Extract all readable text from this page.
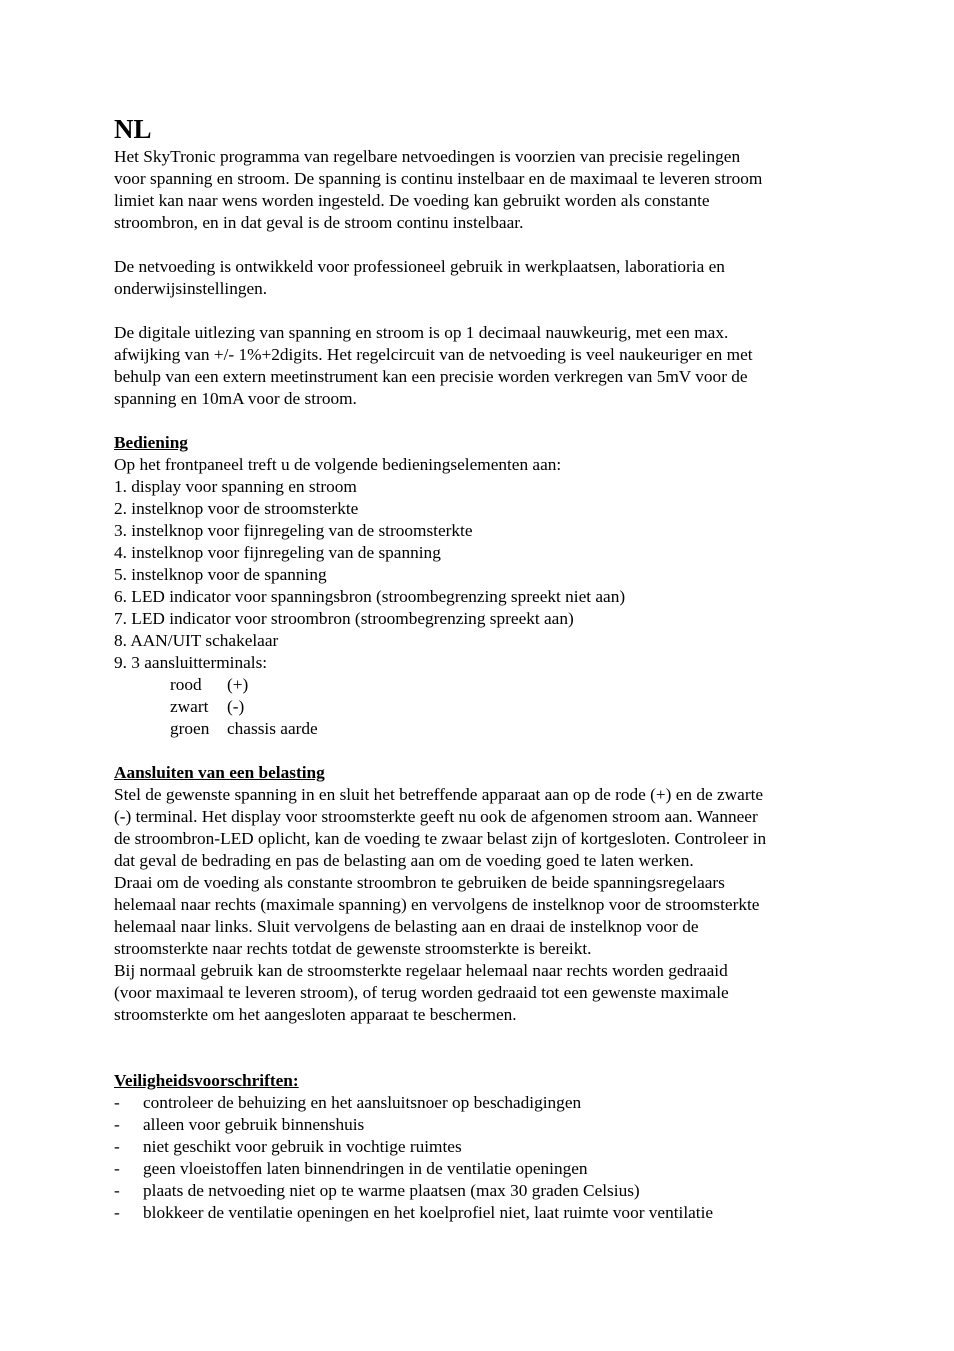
NL

Het SkyTronic programma van regelbare netvoedingen is voorzien van precisie regelingen

voor spanning en stroom. De spanning is continu instelbaar en de maximaal te leveren stroom

limiet kan naar wens worden ingesteld. De voeding kan gebruikt worden als constante

stroombron, en in dat geval is de stroom continu instelbaar.

De netvoeding is ontwikkeld voor professioneel gebruik in werkplaatsen, laboratioria en

onderwijsinstellingen.

De digitale uitlezing van spanning en stroom is op 1 decimaal nauwkeurig, met een max.

afwijking van +/- 1%+2digits. Het regelcircuit van de netvoeding is veel naukeuriger en met

behulp van een extern meetinstrument kan een precisie worden verkregen van 5mV voor de

spanning en 10mA voor de stroom.

Bediening

Op het frontpaneel treft u de volgende bedieningselementen aan:

1. display voor spanning en stroom

2. instelknop voor de stroomsterkte

3. instelknop voor fijnregeling van de stroomsterkte

4. instelknop voor fijnregeling van de spanning

5. instelknop voor de spanning

6. LED indicator voor spanningsbron (stroombegrenzing spreekt niet aan)

7. LED indicator voor stroombron (stroombegrenzing spreekt aan)

8. AAN/UIT schakelaar

9. 3 aansluitterminals:

rood (+)

zwart (-)

groen chassis aarde

Aansluiten van een belasting

Stel de gewenste spanning in en sluit het betreffende apparaat aan op de rode (+) en de zwarte

(-) terminal. Het display voor stroomsterkte geeft nu ook de afgenomen stroom aan. Wanneer

de stroombron-LED oplicht, kan de voeding te zwaar belast zijn of kortgesloten. Controleer in

dat geval de bedrading en pas de belasting aan om de voeding goed te laten werken.

Draai om de voeding als constante stroombron te gebruiken de beide spanningsregelaars

helemaal naar rechts (maximale spanning) en vervolgens de instelknop voor de stroomsterkte

helemaal naar links. Sluit vervolgens de belasting aan en draai de instelknop voor de

stroomsterkte naar rechts totdat de gewenste stroomsterkte is bereikt.

Bij normaal gebruik kan de stroomsterkte regelaar helemaal naar rechts worden gedraaid

(voor maximaal te leveren stroom), of terug worden gedraaid tot een gewenste maximale

stroomsterkte om het aangesloten apparaat te beschermen.

Veiligheidsvoorschriften:

- controleer de behuizing en het aansluitsnoer op beschadigingen

- alleen voor gebruik binnenshuis

- niet geschikt voor gebruik in vochtige ruimtes

- geen vloeistoffen laten binnendringen in de ventilatie openingen

- plaats de netvoeding niet op te warme plaatsen (max 30 graden Celsius)

- blokkeer de ventilatie openingen en het koelprofiel niet, laat ruimte voor ventilatie
